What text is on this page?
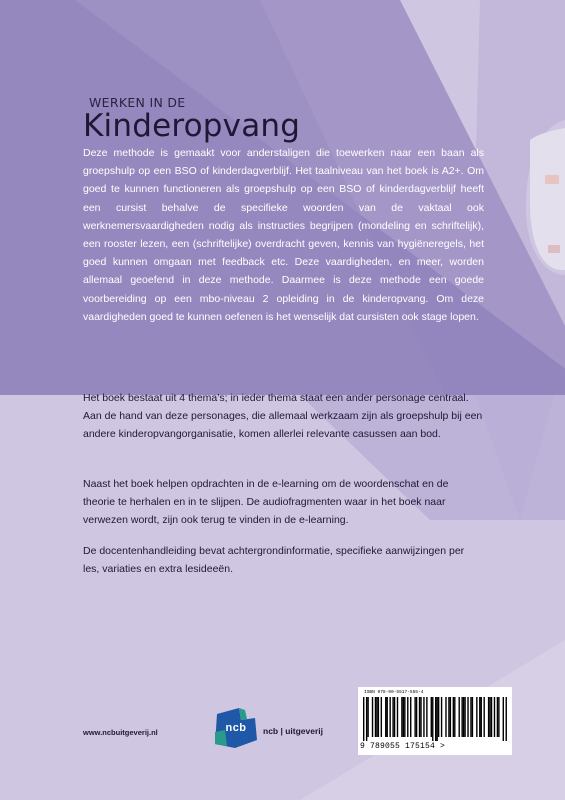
WERKEN IN DE
Kinderopvang

Deze methode is gemaakt voor anderstaligen die toewerken naar een baan als groepshulp op een BSO of kinderdagverblijf. Het taalniveau van het boek is A2+. Om goed te kunnen functioneren als groepshulp op een BSO of kinderdagverblijf heeft een cursist behalve de specifieke woorden van de vaktaal ook werknemersvaardigheden nodig als instructies begrijpen (mondeling en schriftelijk), een rooster lezen, een (schriftelijke) overdracht geven, kennis van hygiëneregels, het goed kunnen omgaan met feedback etc. Deze vaardigheden, en meer, worden allemaal geoefend in deze methode. Daarmee is deze methode een goede voorbereiding op een mbo-niveau 2 opleiding in de kinderopvang. Om deze vaardigheden goed te kunnen oefenen is het wenselijk dat cursisten ook stage lopen.

Het boek bestaat uit 4 thema’s; in ieder thema staat een ander personage centraal. Aan de hand van deze personages, die allemaal werkzaam zijn als groepshulp bij een andere kinderopvangorganisatie, komen allerlei relevante casussen aan bod.

Naast het boek helpen opdrachten in de e-learning om de woordenschat en de theorie te herhalen en in te slijpen. De audiofragmenten waar in het boek naar verwezen wordt, zijn ook terug te vinden in de e-learning.

De docentenhandleiding bevat achtergrondinformatie, specifieke aanwijzingen per les, variaties en extra lesideeën.

www.ncbuitgeverij.nl	ncb	ncb | uitgeverij
ISBN 978-90-5517-555-4
9 789055 175154 >
